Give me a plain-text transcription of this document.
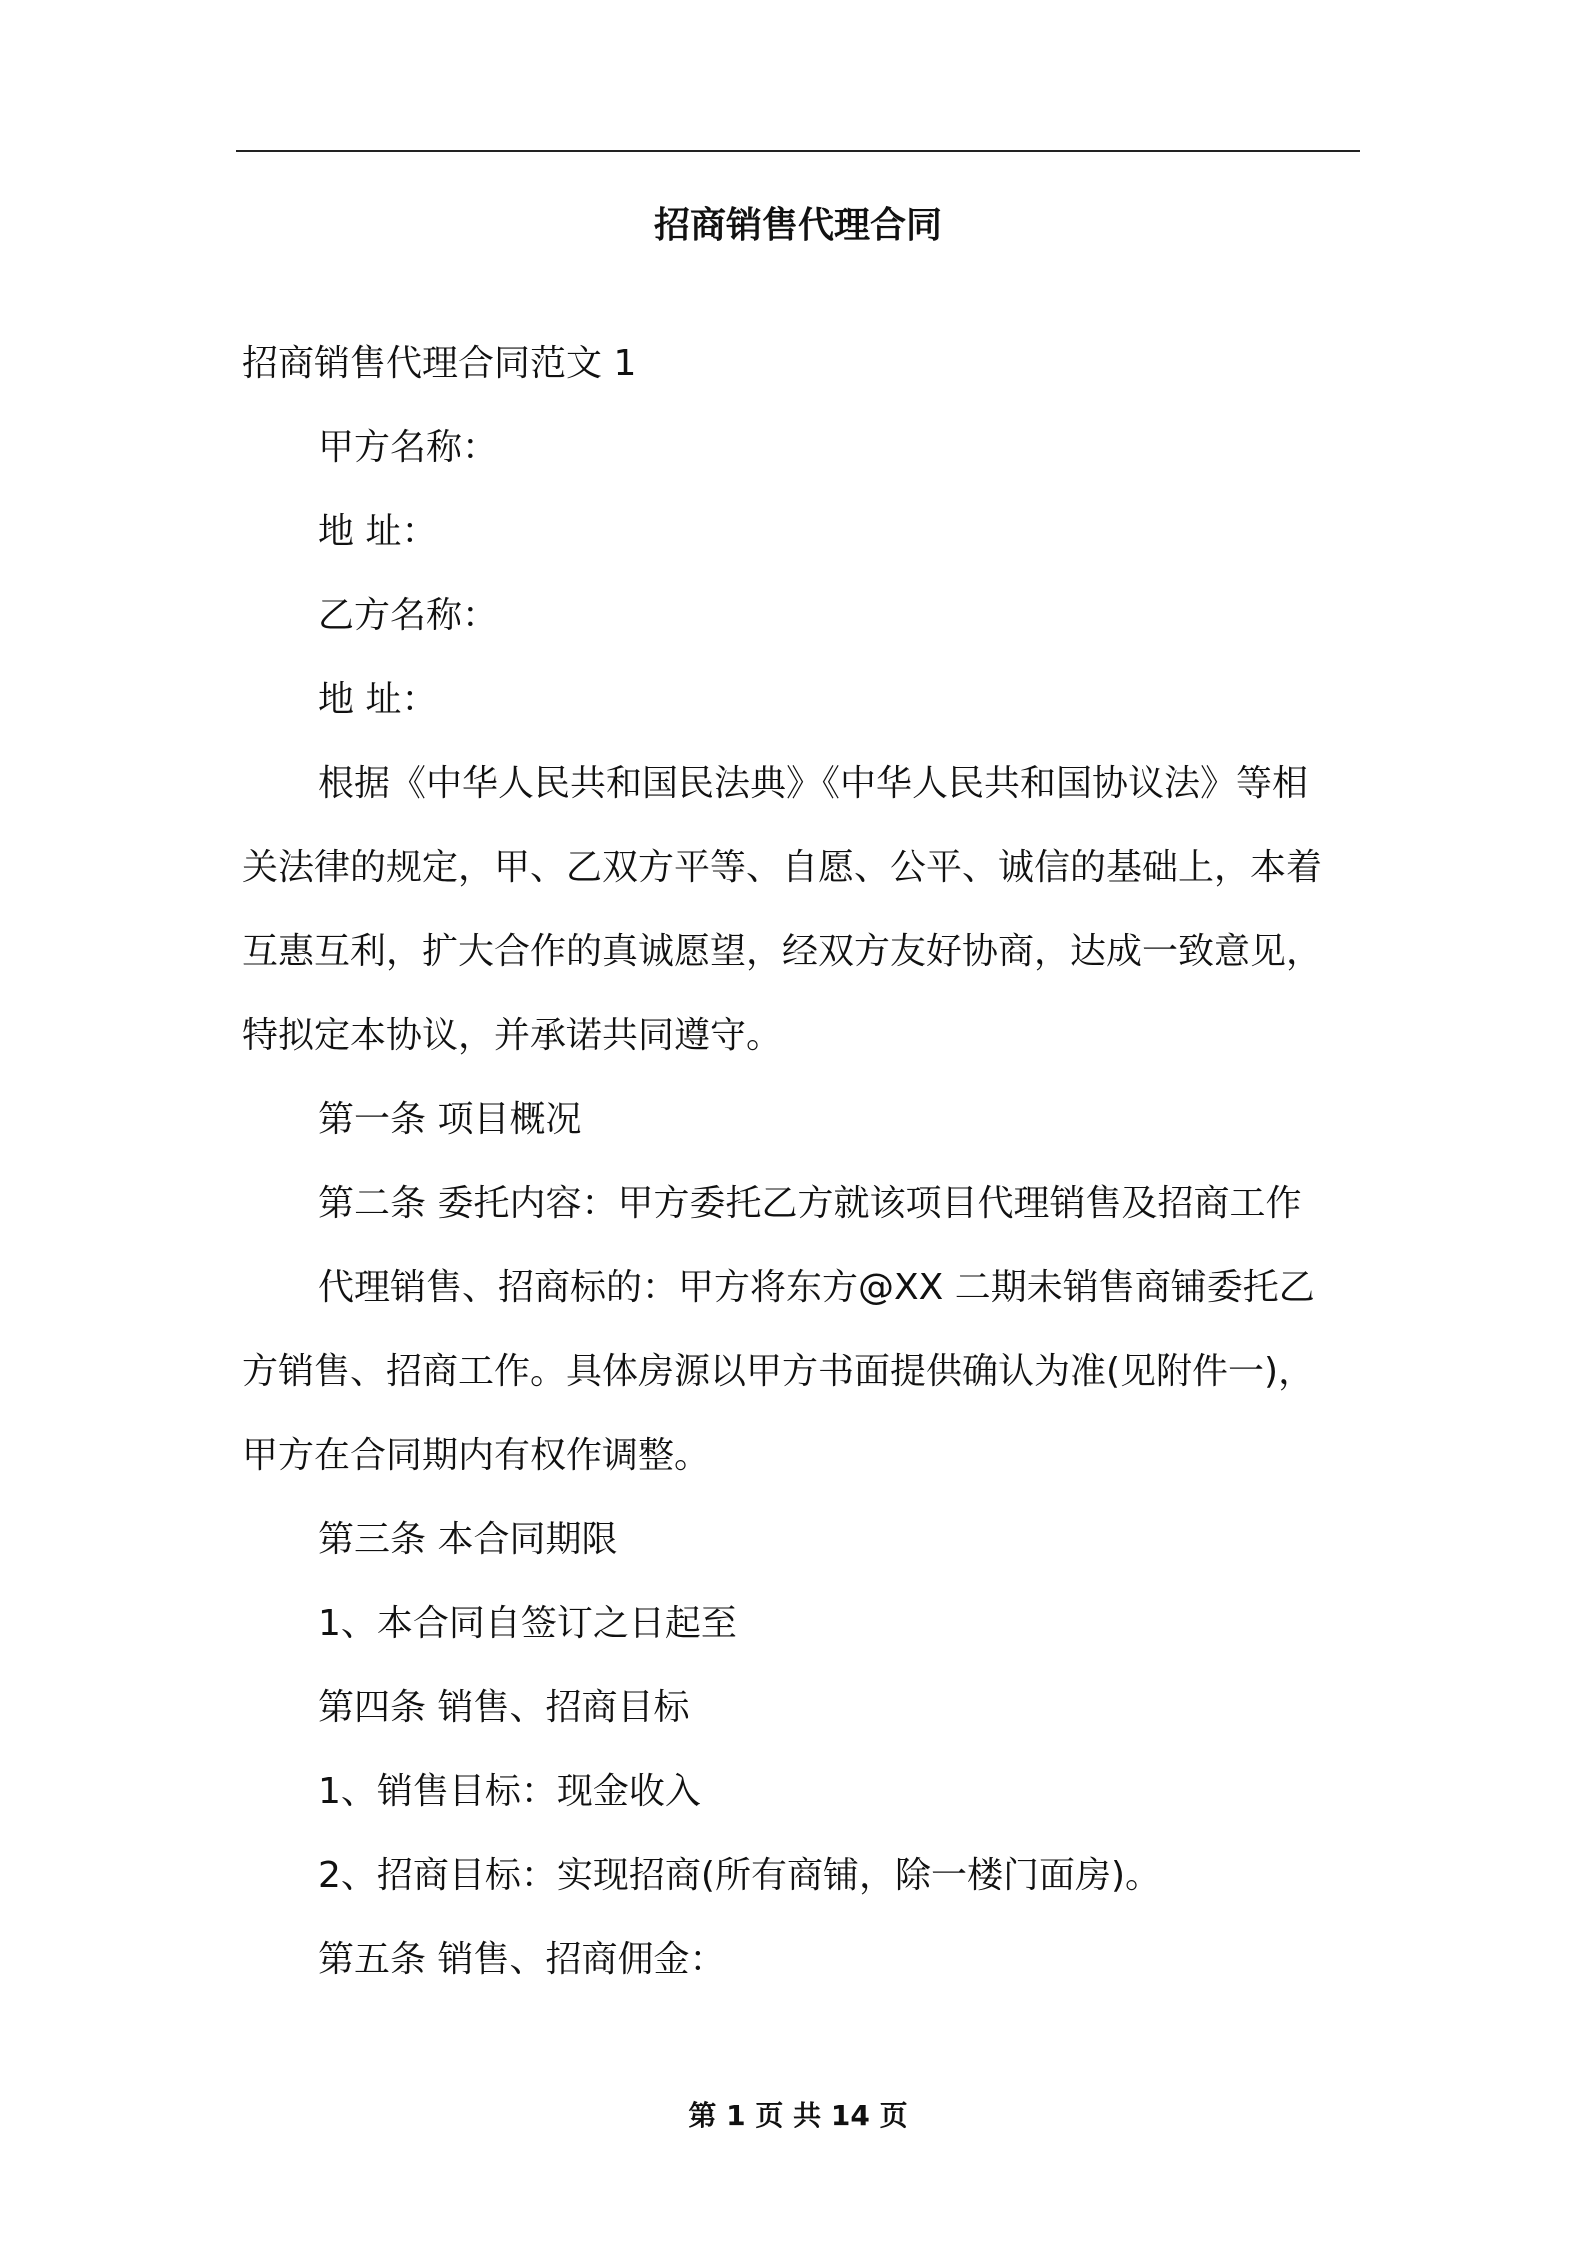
招商销售代理合同
招商销售代理合同范文 1
甲方名称：
地 址：
乙方名称：
地 址：
根据《中华人民共和国民法典》《中华人民共和国协议法》等相
关法律的规定，甲、乙双方平等、自愿、公平、诚信的基础上，本着
互惠互利，扩大合作的真诚愿望，经双方友好协商，达成一致意见，
特拟定本协议，并承诺共同遵守。
第一条 项目概况
第二条 委托内容：甲方委托乙方就该项目代理销售及招商工作
代理销售、招商标的：甲方将东方@XX 二期未销售商铺委托乙
方销售、招商工作。具体房源以甲方书面提供确认为准(见附件一)，
甲方在合同期内有权作调整。
第三条 本合同期限
1、本合同自签订之日起至
第四条 销售、招商目标
1、销售目标：现金收入
2、招商目标：实现招商(所有商铺，除一楼门面房)。
第五条 销售、招商佣金：
第 1 页 共 14 页
